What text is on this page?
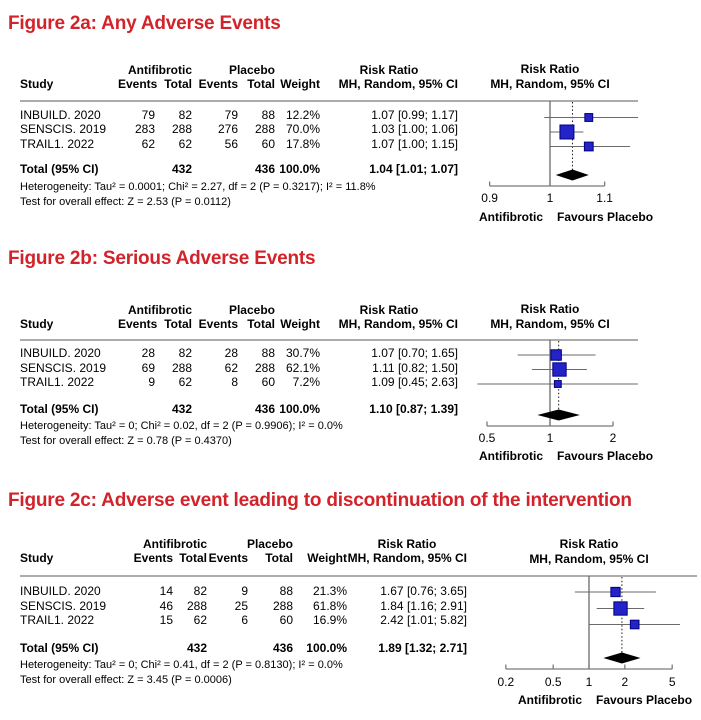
Figure 2a: Any Adverse Events
Antifibrotic	Placebo	Risk Ratio
Study	Events Total Events Total Weight	MH, Random, 95% CI
INBUILD. 2020	79	82	79	88 12.2%	1.07 [0.99; 1.17]
SENSCIS. 2019	283	288	276	288 70.0%	1.03 [1.00; 1.06]
TRAIL1. 2022	62	62	56	60 17.8%	1.07 [1.00; 1.15]
Total (95% CI)	432	436 100.0%	1.04 [1.01; 1.07]
Heterogeneity: Tau² = 0.0001; Chi² = 2.27, df = 2 (P = 0.3217); I² = 11.8%
Test for overall effect: Z = 2.53 (P = 0.0112)
Risk Ratio
MH, Random, 95% CI
0.9	1	1.1
Antifibrotic Favours Placebo
Figure 2b: Serious Adverse Events
Antifibrotic	Placebo	Risk Ratio
Study	Events Total Events Total Weight	MH, Random, 95% CI
INBUILD. 2020	28	82	28	88 30.7%	1.07 [0.70; 1.65]
SENSCIS. 2019	69	288	62	288 62.1%	1.11 [0.82; 1.50]
TRAIL1. 2022	9	62	8	60	7.2%	1.09 [0.45; 2.63]
Total (95% CI)	432	436 100.0%	1.10 [0.87; 1.39]
Heterogeneity: Tau² = 0; Chi² = 0.02, df = 2 (P = 0.9906); I² = 0.0%
Test for overall effect: Z = 0.78 (P = 0.4370)
Risk Ratio
MH, Random, 95% CI
0.5	1	2
Antifibrotic Favours Placebo
Figure 2c: Adverse event leading to discontinuation of the intervention
Antifibrotic	Placebo	Risk Ratio
Study	Events Total Events	Total	Weight MH, Random, 95% CI
INBUILD. 2020	14	82	9	88	21.3%	1.67 [0.76; 3.65]
SENSCIS. 2019	46	288	25	288	61.8%	1.84 [1.16; 2.91]
TRAIL1. 2022	15	62	6	60	16.9%	2.42 [1.01; 5.82]
Total (95% CI)	432	436	100.0%	1.89 [1.32; 2.71]
Heterogeneity: Tau² = 0; Chi² = 0.41, df = 2 (P = 0.8130); I² = 0.0%
Test for overall effect: Z = 3.45 (P = 0.0006)
Risk Ratio
MH, Random, 95% CI
0.2	0.5 1 2	5
Antifibrotic Favours Placebo
